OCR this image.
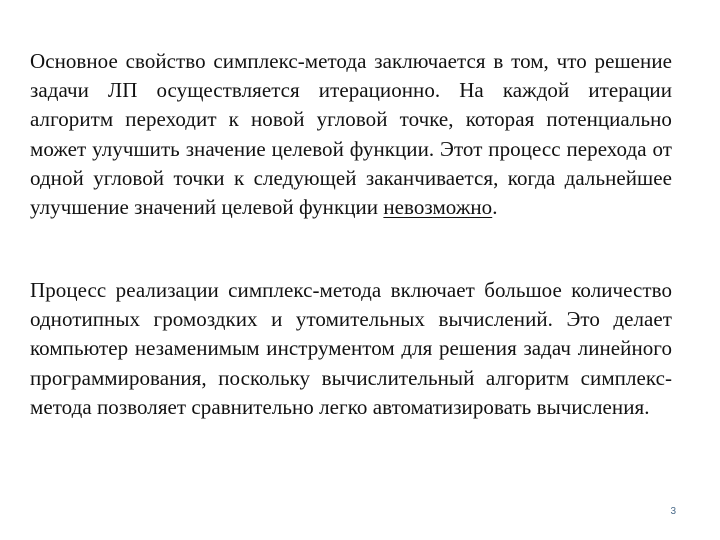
Основное свойство симплекс-метода заключается в том, что решение задачи ЛП осуществляется итерационно. На каждой итерации алгоритм переходит к новой угловой точке, которая потенциально может улучшить значение целевой функции. Этот процесс перехода от одной угловой точки к следующей заканчивается, когда дальнейшее улучшение значений целевой функции невозможно.

Процесс реализации симплекс-метода включает большое количество однотипных громоздких и утомительных вычислений. Это делает компьютер незаменимым инструментом для решения задач линейного программирования, поскольку вычислительный алгоритм симплекс-метода позволяет сравнительно легко автоматизировать вычисления.

3
